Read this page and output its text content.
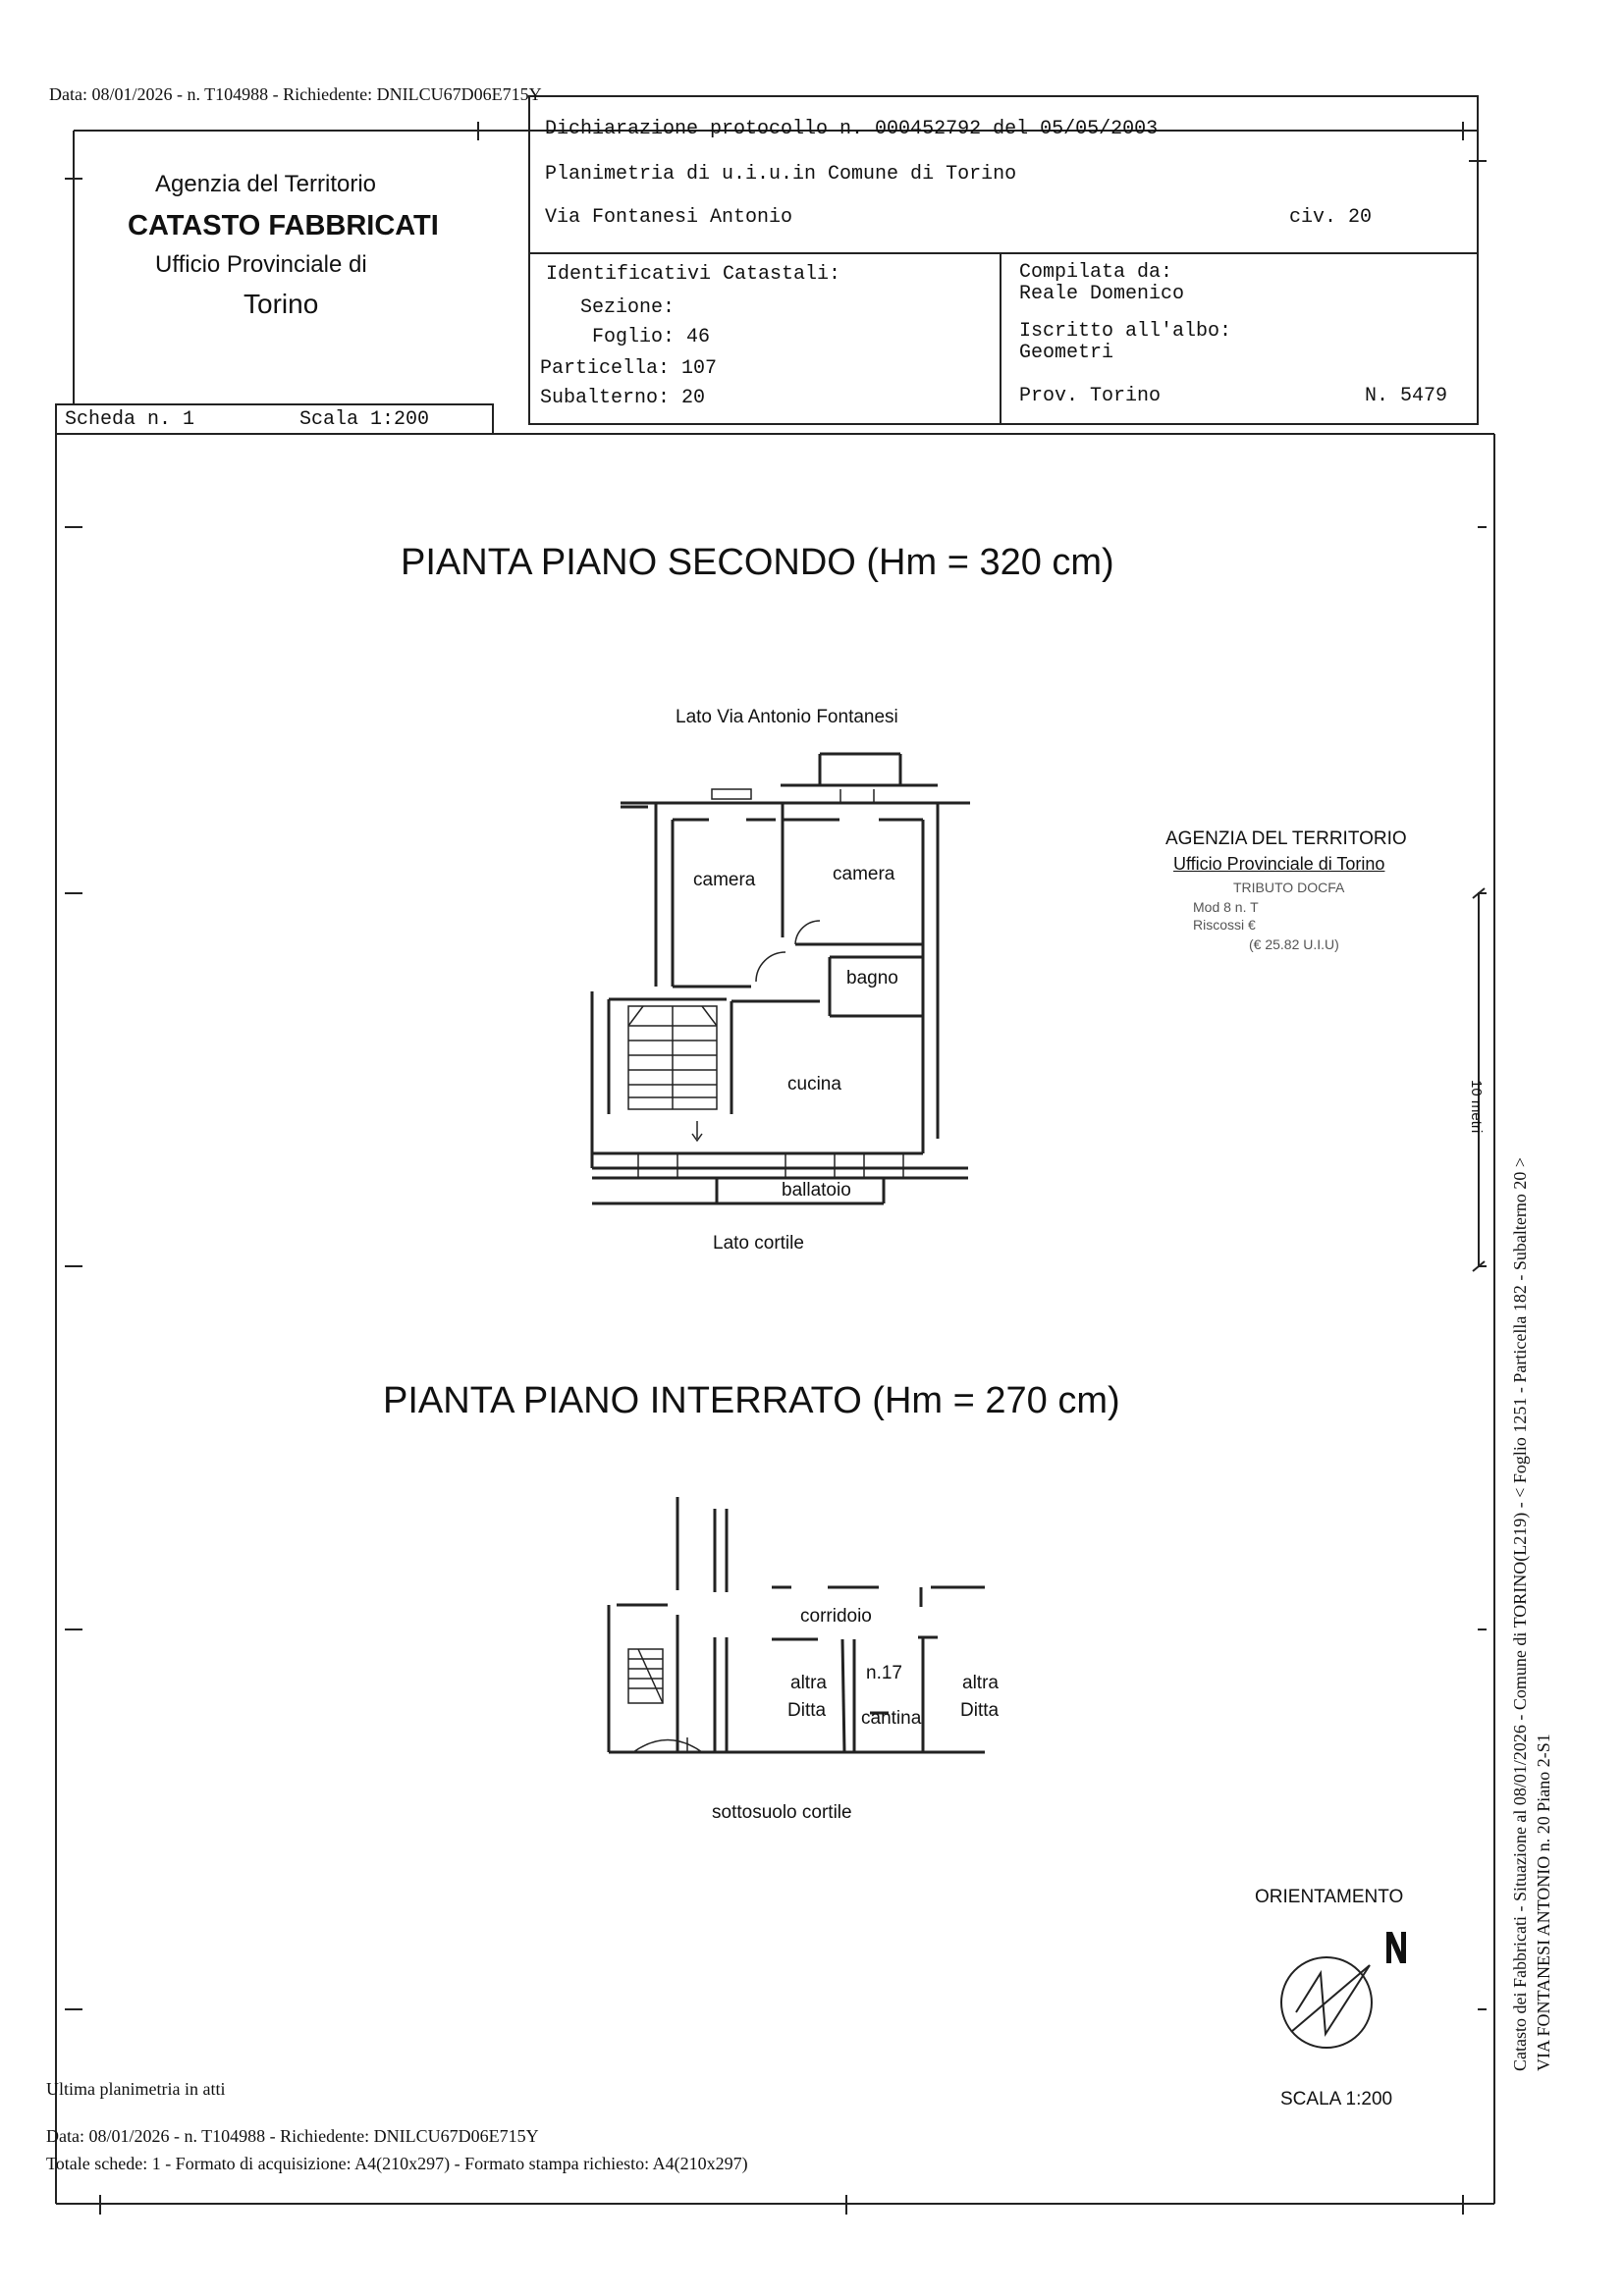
Data: 08/01/2026 - n. T104988 - Richiedente: DNILCU67D06E715Y
Agenzia del Territorio
CATASTO FABBRICATI
Ufficio Provinciale di
Torino
Dichiarazione protocollo n. 000452792 del 05/05/2003
Planimetria di u.i.u.in Comune di Torino
Via Fontanesi Antonio	civ. 20
Identificativi Catastali:
Sezione:
Foglio: 46
Particella: 107
Subalterno: 20
Compilata da:
Reale Domenico
Iscritto all'albo:
Geometri
Prov. Torino	N. 5479
Scheda n. 1	Scala 1:200
PIANTA PIANO SECONDO (Hm = 320 cm)
Lato Via Antonio Fontanesi
camera	camera
bagno
cucina
ballatoio
Lato cortile
AGENZIA DEL TERRITORIO
Ufficio Provinciale di Torino
TRIBUTO DOCFA
Mod 8 n. T
Riscossi €
(€ 25.82 U.I.U)
PIANTA PIANO INTERRATO (Hm = 270 cm)
corridoio
altra
Ditta
n.17
cantina
altra
Ditta
sottosuolo cortile
ORIENTAMENTO
SCALA 1:200
Catasto dei Fabbricati - Situazione al 08/01/2026 - Comune di TORINO(L219) - < Foglio 1251 - Particella 182 - Subalterno 20 > VIA FONTANESI ANTONIO n. 20 Piano 2-S1
10 metri
Ultima planimetria in atti
Data: 08/01/2026 - n. T104988 - Richiedente: DNILCU67D06E715Y
Totale schede: 1 - Formato di acquisizione: A4(210x297) - Formato stampa richiesto: A4(210x297)
